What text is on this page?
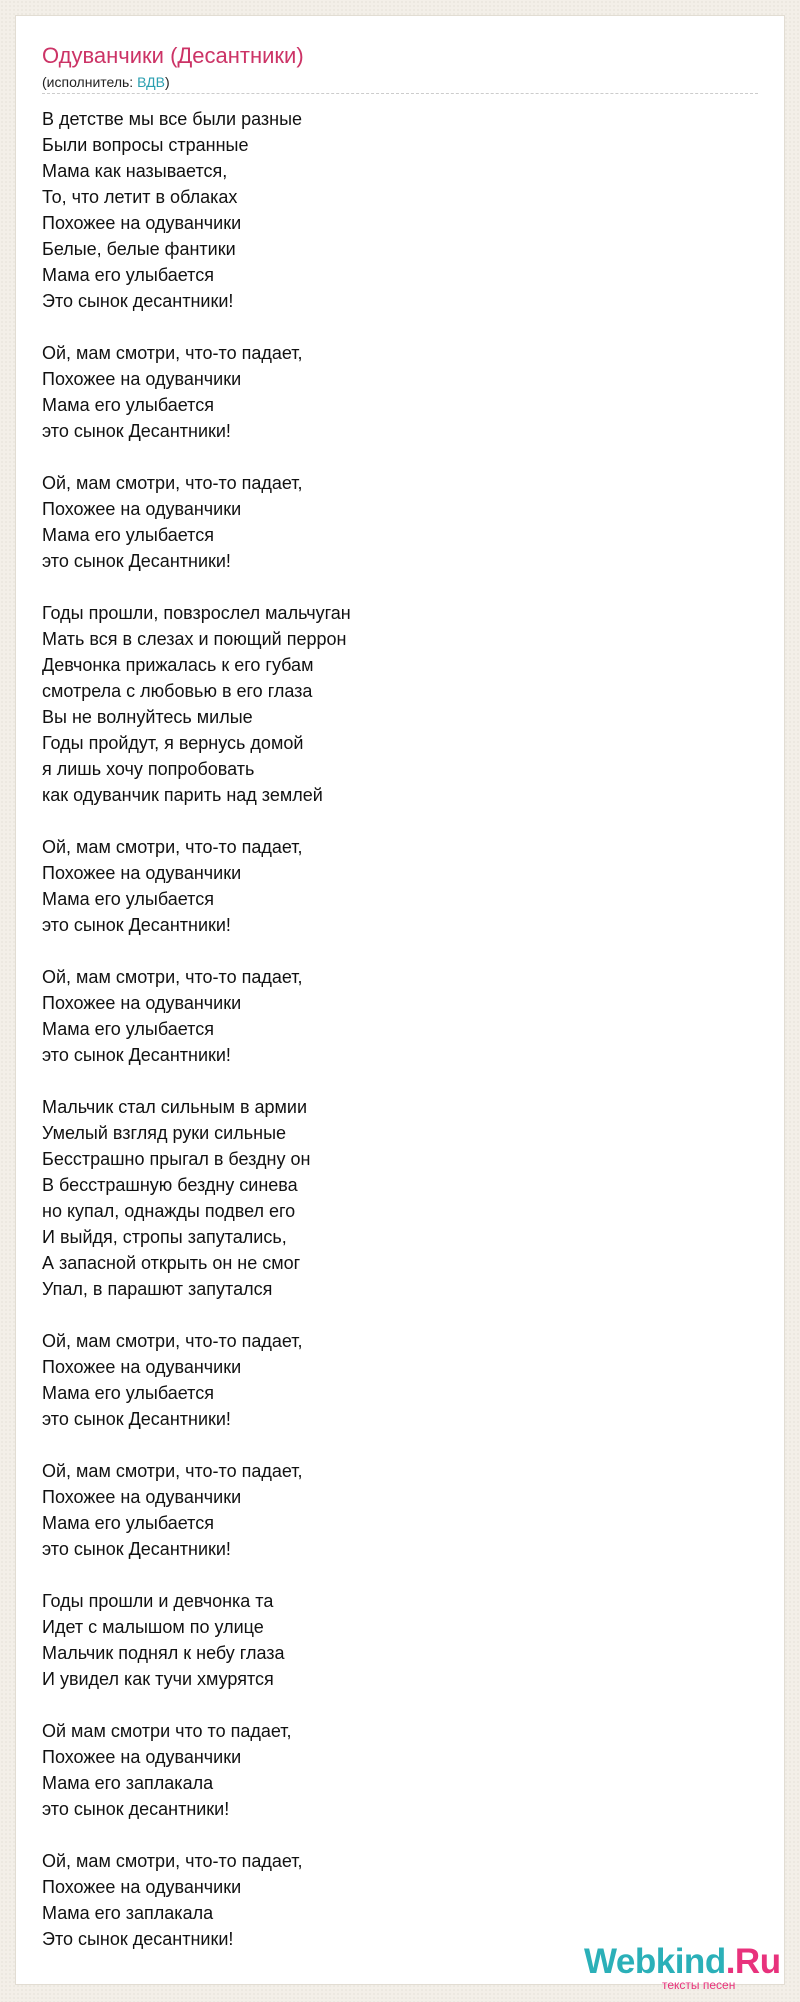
Одуванчики (Десантники)
(исполнитель: ВДВ)
В детстве мы все были разные
Были вопросы странные
Мама как называется,
То, что летит в облаках
Похожее на одуванчики
Белые, белые фантики
Мама его улыбается
Это сынок десантники!
Ой, мам смотри, что-то падает,
Похожее на одуванчики
Мама его улыбается
это сынок Десантники!
Ой, мам смотри, что-то падает,
Похожее на одуванчики
Мама его улыбается
это сынок Десантники!
Годы прошли, повзрослел мальчуган
Мать вся в слезах и поющий перрон
Девчонка прижалась к его губам
смотрела с любовью в его глаза
Вы не волнуйтесь милые
Годы пройдут, я вернусь домой
я лишь хочу попробовать
как одуванчик парить над землей
Ой, мам смотри, что-то падает,
Похожее на одуванчики
Мама его улыбается
это сынок Десантники!
Ой, мам смотри, что-то падает,
Похожее на одуванчики
Мама его улыбается
это сынок Десантники!
Мальчик стал сильным в армии
Умелый взгляд руки сильные
Бесстрашно прыгал в бездну он
В бесстрашную бездну синева
но купал, однажды подвел его
И выйдя, стропы запутались,
А запасной открыть он не смог
Упал, в парашют запутался
Ой, мам смотри, что-то падает,
Похожее на одуванчики
Мама его улыбается
это сынок Десантники!
Ой, мам смотри, что-то падает,
Похожее на одуванчики
Мама его улыбается
это сынок Десантники!
Годы прошли и девчонка та
Идет с малышом по улице
Мальчик поднял к небу глаза
И увидел как тучи хмурятся
Ой мам смотри что то падает,
Похожее на одуванчики
Мама его заплакала
это сынок десантники!
Ой, мам смотри, что-то падает,
Похожее на одуванчики
Мама его заплакала
Это сынок десантники!
Webkind.Ru
тексты песен
